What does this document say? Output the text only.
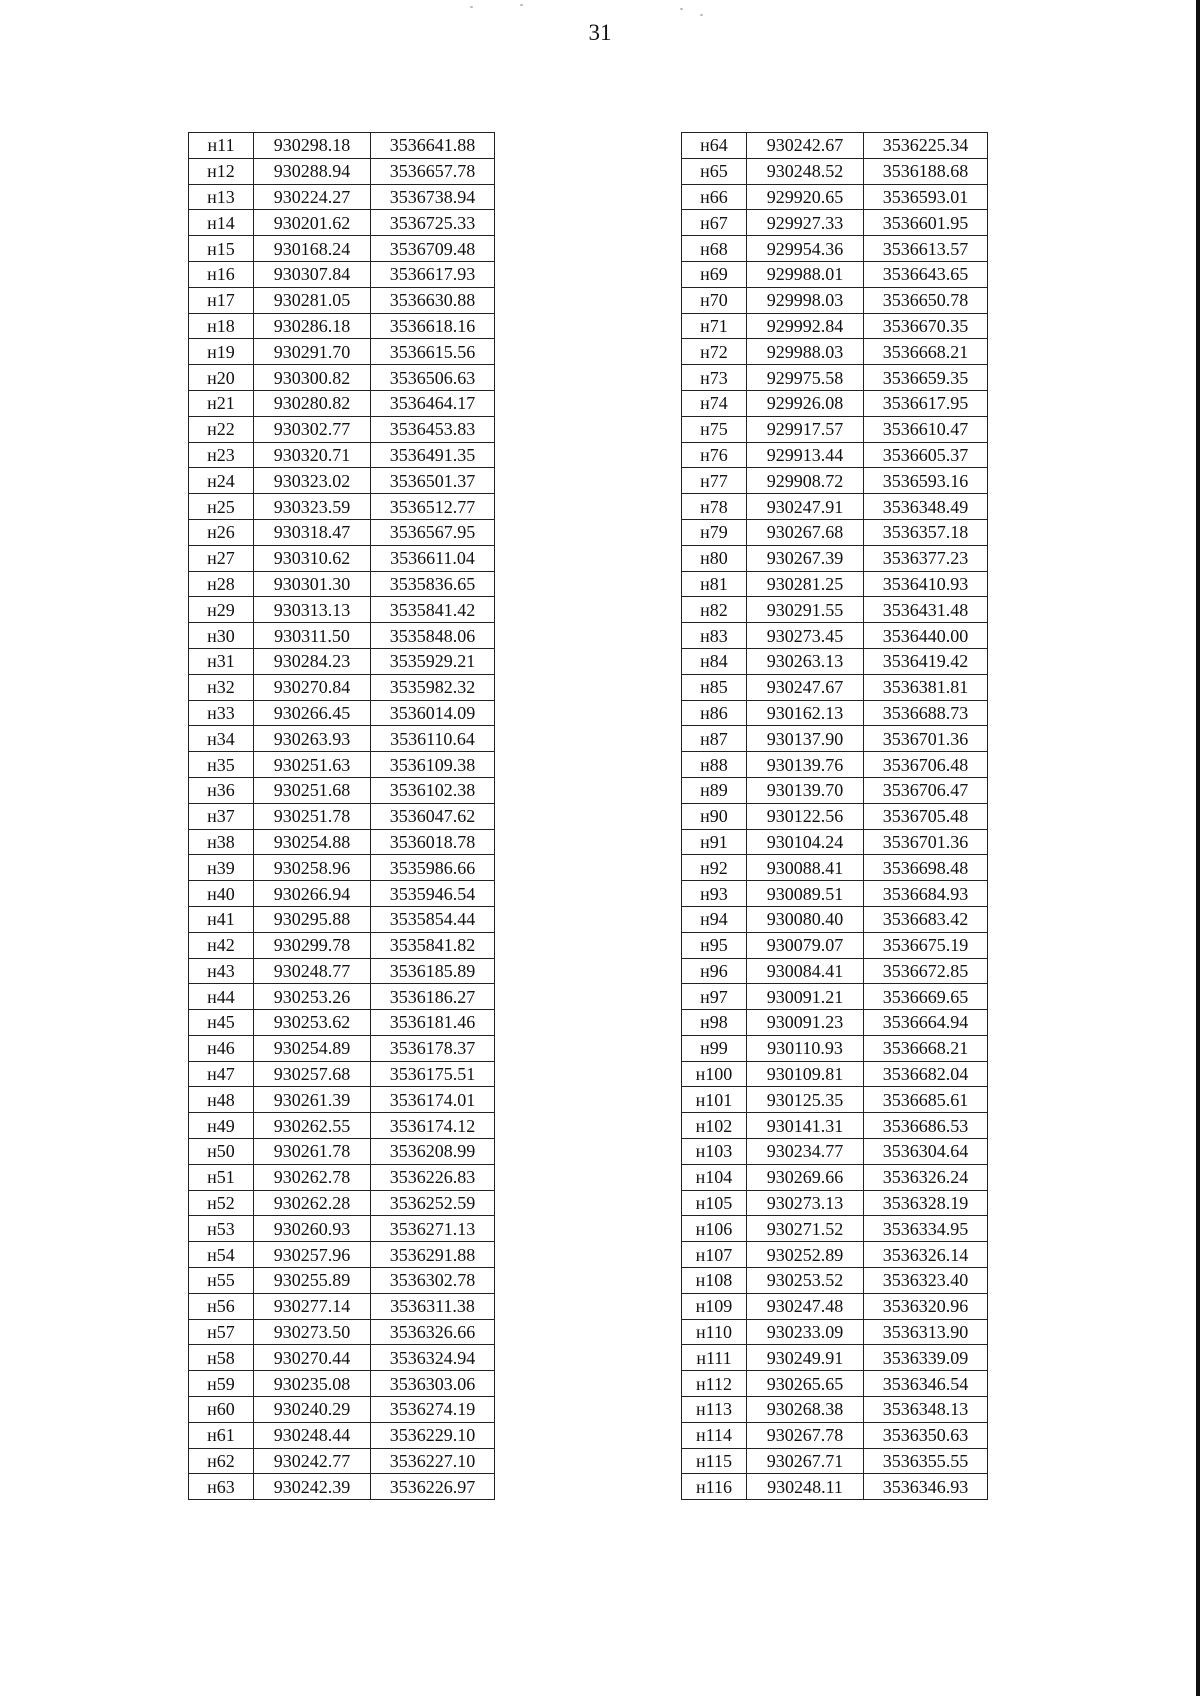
31
н11	930298.18	3536641.88
н12	930288.94	3536657.78
н13	930224.27	3536738.94
н14	930201.62	3536725.33
н15	930168.24	3536709.48
н16	930307.84	3536617.93
н17	930281.05	3536630.88
н18	930286.18	3536618.16
н19	930291.70	3536615.56
н20	930300.82	3536506.63
н21	930280.82	3536464.17
н22	930302.77	3536453.83
н23	930320.71	3536491.35
н24	930323.02	3536501.37
н25	930323.59	3536512.77
н26	930318.47	3536567.95
н27	930310.62	3536611.04
н28	930301.30	3535836.65
н29	930313.13	3535841.42
н30	930311.50	3535848.06
н31	930284.23	3535929.21
н32	930270.84	3535982.32
н33	930266.45	3536014.09
н34	930263.93	3536110.64
н35	930251.63	3536109.38
н36	930251.68	3536102.38
н37	930251.78	3536047.62
н38	930254.88	3536018.78
н39	930258.96	3535986.66
н40	930266.94	3535946.54
н41	930295.88	3535854.44
н42	930299.78	3535841.82
н43	930248.77	3536185.89
н44	930253.26	3536186.27
н45	930253.62	3536181.46
н46	930254.89	3536178.37
н47	930257.68	3536175.51
н48	930261.39	3536174.01
н49	930262.55	3536174.12
н50	930261.78	3536208.99
н51	930262.78	3536226.83
н52	930262.28	3536252.59
н53	930260.93	3536271.13
н54	930257.96	3536291.88
н55	930255.89	3536302.78
н56	930277.14	3536311.38
н57	930273.50	3536326.66
н58	930270.44	3536324.94
н59	930235.08	3536303.06
н60	930240.29	3536274.19
н61	930248.44	3536229.10
н62	930242.77	3536227.10
н63	930242.39	3536226.97
н64	930242.67	3536225.34
н65	930248.52	3536188.68
н66	929920.65	3536593.01
н67	929927.33	3536601.95
н68	929954.36	3536613.57
н69	929988.01	3536643.65
н70	929998.03	3536650.78
н71	929992.84	3536670.35
н72	929988.03	3536668.21
н73	929975.58	3536659.35
н74	929926.08	3536617.95
н75	929917.57	3536610.47
н76	929913.44	3536605.37
н77	929908.72	3536593.16
н78	930247.91	3536348.49
н79	930267.68	3536357.18
н80	930267.39	3536377.23
н81	930281.25	3536410.93
н82	930291.55	3536431.48
н83	930273.45	3536440.00
н84	930263.13	3536419.42
н85	930247.67	3536381.81
н86	930162.13	3536688.73
н87	930137.90	3536701.36
н88	930139.76	3536706.48
н89	930139.70	3536706.47
н90	930122.56	3536705.48
н91	930104.24	3536701.36
н92	930088.41	3536698.48
н93	930089.51	3536684.93
н94	930080.40	3536683.42
н95	930079.07	3536675.19
н96	930084.41	3536672.85
н97	930091.21	3536669.65
н98	930091.23	3536664.94
н99	930110.93	3536668.21
н100	930109.81	3536682.04
н101	930125.35	3536685.61
н102	930141.31	3536686.53
н103	930234.77	3536304.64
н104	930269.66	3536326.24
н105	930273.13	3536328.19
н106	930271.52	3536334.95
н107	930252.89	3536326.14
н108	930253.52	3536323.40
н109	930247.48	3536320.96
н110	930233.09	3536313.90
н111	930249.91	3536339.09
н112	930265.65	3536346.54
н113	930268.38	3536348.13
н114	930267.78	3536350.63
н115	930267.71	3536355.55
н116	930248.11	3536346.93
